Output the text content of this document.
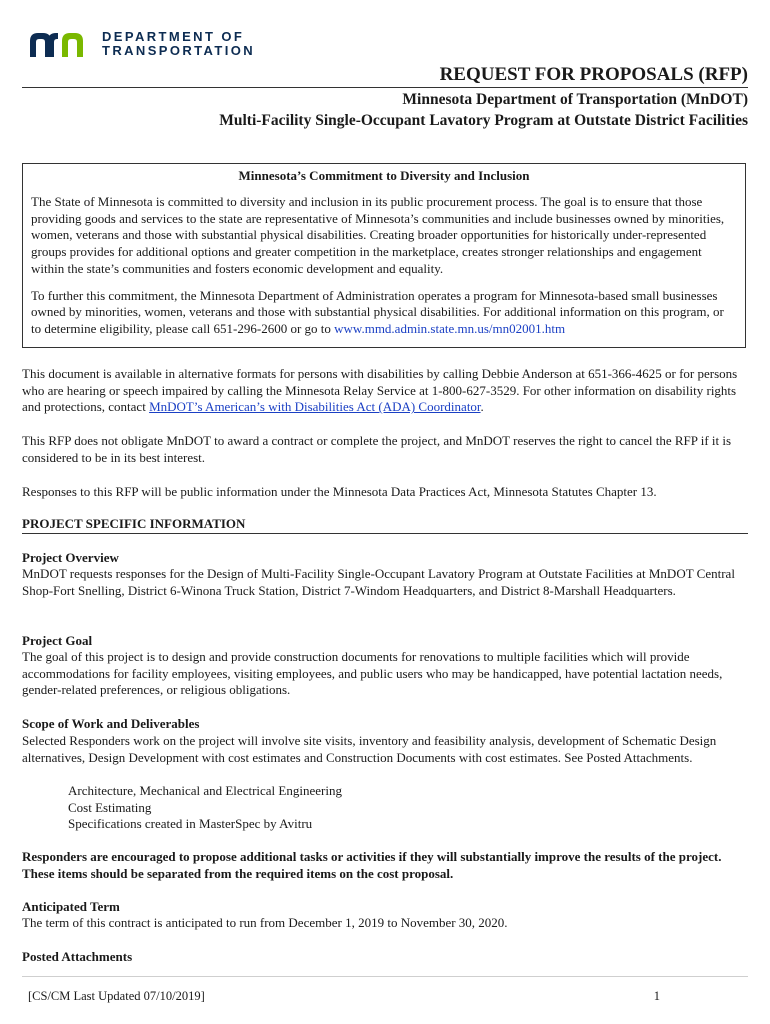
DEPARTMENT OF
TRANSPORTATION
REQUEST FOR PROPOSALS (RFP)
Minnesota Department of Transportation (MnDOT)
Multi-Facility Single-Occupant Lavatory Program at Outstate District Facilities
Minnesota’s Commitment to Diversity and Inclusion

The State of Minnesota is committed to diversity and inclusion in its public procurement process. The goal is to ensure that those providing goods and services to the state are representative of Minnesota’s communities and include businesses owned by minorities, women, veterans and those with substantial physical disabilities. Creating broader opportunities for historically under-represented groups provides for additional options and greater competition in the marketplace, creates stronger relationships and engagement within the state’s communities and fosters economic development and equality.

To further this commitment, the Minnesota Department of Administration operates a program for Minnesota-based small businesses owned by minorities, women, veterans and those with substantial physical disabilities. For additional information on this program, or to determine eligibility, please call 651-296-2600 or go to www.mmd.admin.state.mn.us/mn02001.htm

This document is available in alternative formats for persons with disabilities by calling Debbie Anderson at 651-366-4625 or for persons who are hearing or speech impaired by calling the Minnesota Relay Service at 1-800-627-3529. For other information on disability rights and protections, contact MnDOT’s American’s with Disabilities Act (ADA) Coordinator.

This RFP does not obligate MnDOT to award a contract or complete the project, and MnDOT reserves the right to cancel the RFP if it is considered to be in its best interest.

Responses to this RFP will be public information under the Minnesota Data Practices Act, Minnesota Statutes Chapter 13.

PROJECT SPECIFIC INFORMATION
Project Overview

MnDOT requests responses for the Design of Multi-Facility Single-Occupant Lavatory Program at Outstate Facilities at MnDOT Central Shop-Fort Snelling, District 6-Winona Truck Station, District 7-Windom Headquarters, and District 8-Marshall Headquarters.

Project Goal

The goal of this project is to design and provide construction documents for renovations to multiple facilities which will provide accommodations for facility employees, visiting employees, and public users who may be handicapped, have potential lactation needs, gender-related preferences, or religious obligations.

Scope of Work and Deliverables

Selected Responders work on the project will involve site visits, inventory and feasibility analysis, development of Schematic Design alternatives, Design Development with cost estimates and Construction Documents with cost estimates. See Posted Attachments.

Architecture, Mechanical and Electrical Engineering
Cost Estimating
Specifications created in MasterSpec by Avitru

Responders are encouraged to propose additional tasks or activities if they will substantially improve the results of the project. These items should be separated from the required items on the cost proposal.

Anticipated Term

The term of this contract is anticipated to run from December 1, 2019 to November 30, 2020.

Posted Attachments
[CS/CM Last Updated 07/10/2019]	1
